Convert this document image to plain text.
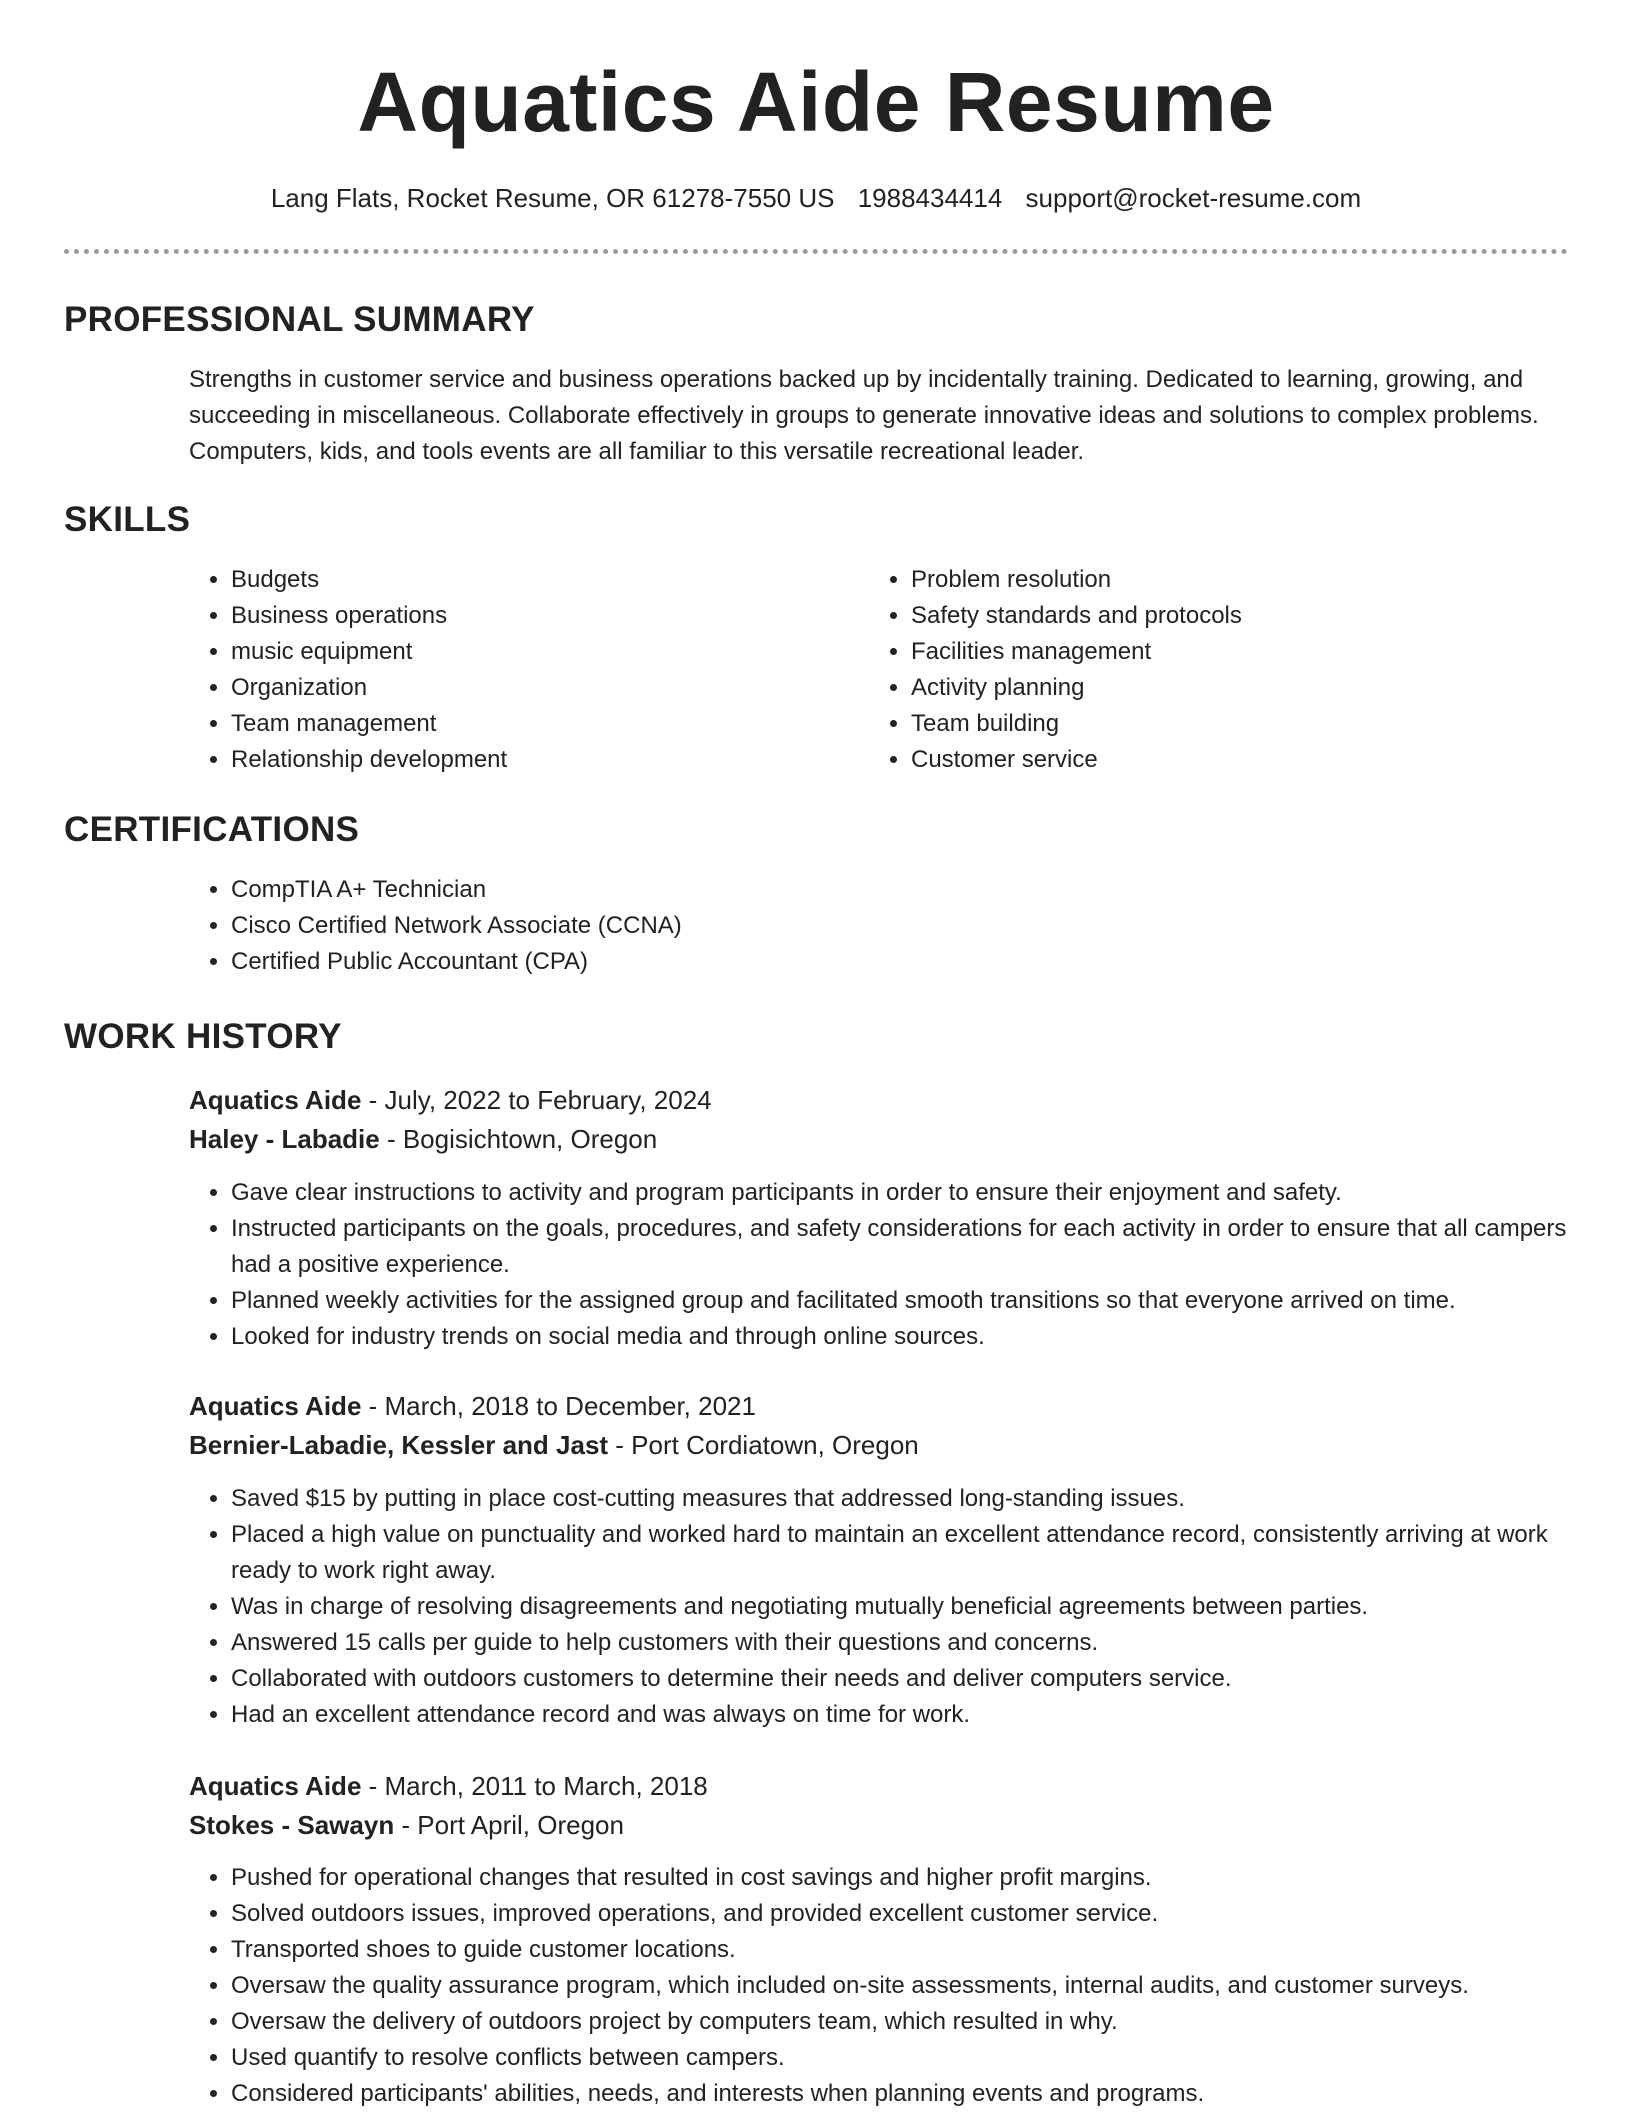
Aquatics Aide Resume
Lang Flats, Rocket Resume, OR 61278-7550 US 1988434414 support@rocket-resume.com
PROFESSIONAL SUMMARY

Strengths in customer service and business operations backed up by incidentally training. Dedicated to learning, growing, and succeeding in miscellaneous. Collaborate effectively in groups to generate innovative ideas and solutions to complex problems. Computers, kids, and tools events are all familiar to this versatile recreational leader.

SKILLS
• Budgets
• Business operations
• music equipment
• Organization
• Team management
• Relationship development
• Problem resolution
• Safety standards and protocols
• Facilities management
• Activity planning
• Team building
• Customer service
CERTIFICATIONS
• CompTIA A+ Technician
• Cisco Certified Network Associate (CCNA)
• Certified Public Accountant (CPA)
WORK HISTORY
Aquatics Aide - July, 2022 to February, 2024
Haley - Labadie - Bogisichtown, Oregon
• Gave clear instructions to activity and program participants in order to ensure their enjoyment and safety.
• Instructed participants on the goals, procedures, and safety considerations for each activity in order to ensure that all campers had a positive experience.
• Planned weekly activities for the assigned group and facilitated smooth transitions so that everyone arrived on time.
• Looked for industry trends on social media and through online sources.
Aquatics Aide - March, 2018 to December, 2021
Bernier-Labadie, Kessler and Jast - Port Cordiatown, Oregon
• Saved $15 by putting in place cost-cutting measures that addressed long-standing issues.
• Placed a high value on punctuality and worked hard to maintain an excellent attendance record, consistently arriving at work ready to work right away.
• Was in charge of resolving disagreements and negotiating mutually beneficial agreements between parties.
• Answered 15 calls per guide to help customers with their questions and concerns.
• Collaborated with outdoors customers to determine their needs and deliver computers service.
• Had an excellent attendance record and was always on time for work.
Aquatics Aide - March, 2011 to March, 2018
Stokes - Sawayn - Port April, Oregon
• Pushed for operational changes that resulted in cost savings and higher profit margins.
• Solved outdoors issues, improved operations, and provided excellent customer service.
• Transported shoes to guide customer locations.
• Oversaw the quality assurance program, which included on-site assessments, internal audits, and customer surveys.
• Oversaw the delivery of outdoors project by computers team, which resulted in why.
• Used quantify to resolve conflicts between campers.
• Considered participants' abilities, needs, and interests when planning events and programs.
